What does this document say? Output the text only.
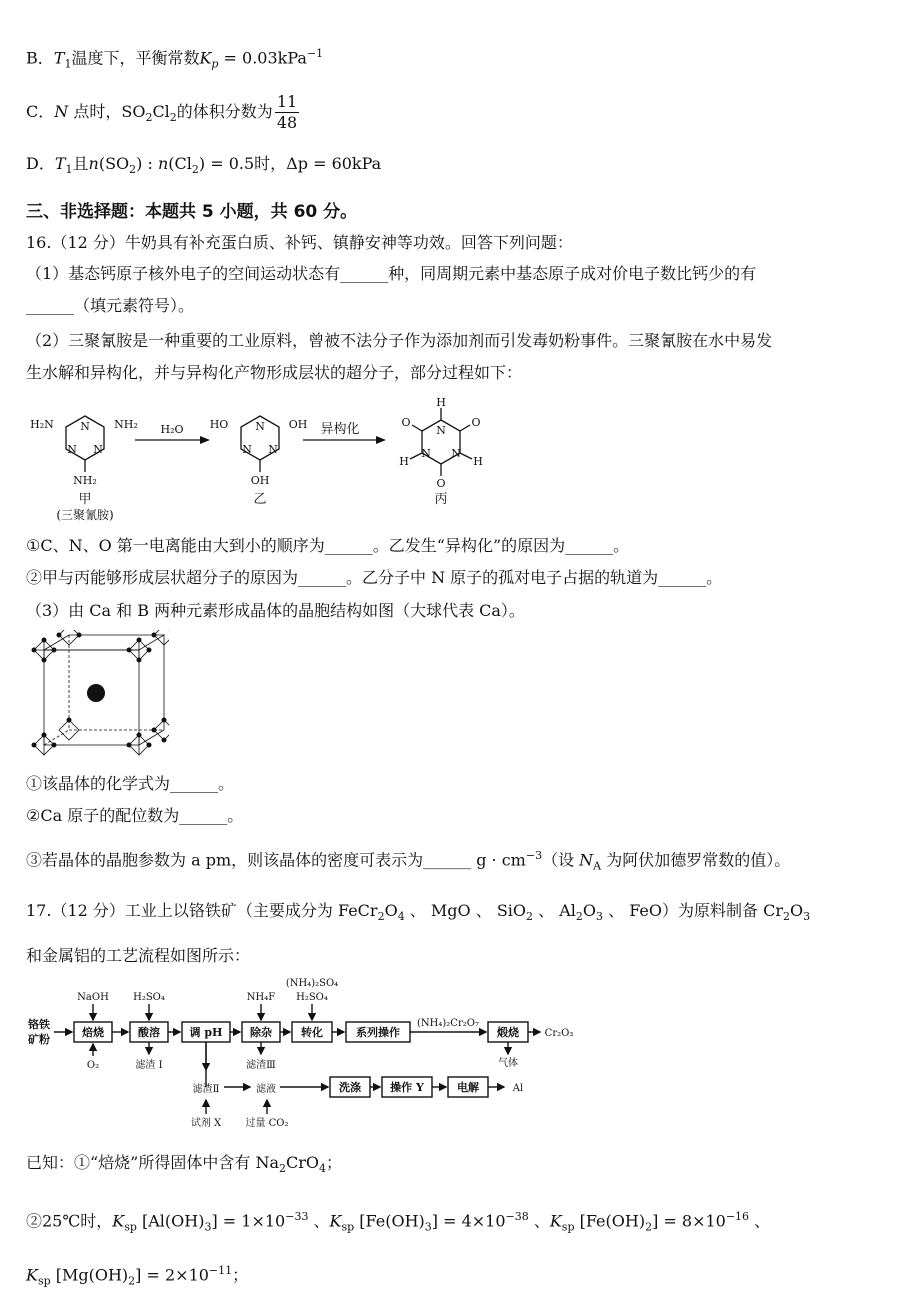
B．$T_1$温度下，平衡常数$K_p = 0.03kPa^{-1}$
C．N 点时，$SO_2Cl_2$的体积分数为 $\frac{11}{48}$
D．$T_1$且$n(SO_2)$ : $n(Cl_2) = 0.5$时，Δp = 60kPa
三、非选择题：本题共 5 小题，共 60 分。
16.（12 分）牛奶具有补充蛋白质、补钙、镇静安神等功效。回答下列问题：
（1）基态钙原子核外电子的空间运动状态有______种，同周期元素中基态原子成对价电子数比钙少的有
______（填元素符号）。
（2）三聚氰胺是一种重要的工业原料，曾被不法分子作为添加剂而引发毒奶粉事件。三聚氰胺在水中易发
生水解和异构化，并与异构化产物形成层状的超分子，部分过程如下：
H₂N	NH₂
NH₂
N
N N
HO	OH
OH
N
N N
H
N
O
O
O
N N
H	H
H₂O	异构化
甲
(三聚氰胺)
乙	丙
①C、N、O 第一电离能由大到小的顺序为______。乙发生“异构化”的原因为______。
②甲与丙能够形成层状超分子的原因为______。乙分子中 N 原子的孤对电子占据的轨道为______。
（3）由 Ca 和 B 两种元素形成晶体的晶胞结构如图（大球代表 Ca）。
①该晶体的化学式为______。
②Ca 原子的配位数为______。
③若晶体的晶胞参数为 a pm，则该晶体的密度可表示为______ $g \cdot cm^{-3}$（设 $N_A$ 为阿伏加德罗常数的值）。
17.（12 分）工业上以铬铁矿（主要成分为 $FeCr_2O_4$ 、 MgO 、 SiO$_2$ 、 $Al_2O_3$ 、 FeO）为原料制备 $Cr_2O_3$
和金属铝的工艺流程如图所示：
铬铁
矿粉
焙烧	酸溶	调 pH	除杂	转化	系列操作	煅烧
洗涤	操作 Y	电解
NaOH H₂SO₄	NH₄F
(NH₄)₂SO₄
H₂SO₄
O₂	滤渣 I	滤渣Ⅲ
滤渣Ⅱ	滤液
试剂 X 过量 CO₂
(NH₄)₂Cr₂O₇
Cr₂O₃
气体
Al
已知：①“焙烧”所得固体中含有 $Na_2CrO_4$；
②25℃时，$K_{sp}$ $[Al(OH)_3] = 1\times 10^{-33}$ 、$K_{sp}$ $[Fe(OH)_3] = 4\times 10^{-38}$ 、$K_{sp}$ $[Fe(OH)_2] = 8\times 10^{-16}$ 、
$K_{sp}$ $[Mg(OH)_2] = 2\times 10^{-11}$；
